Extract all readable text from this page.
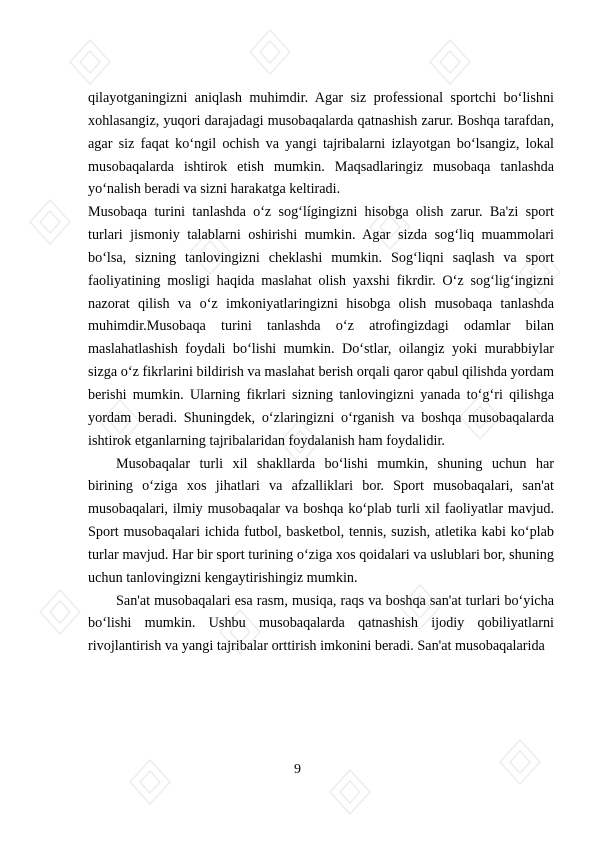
qilayotganingizni aniqlash muhimdir. Agar siz professional sportchi bo‘lishni xohlasangiz, yuqori darajadagi musobaqalarda qatnashish zarur. Boshqa tarafdan, agar siz faqat ko‘ngil ochish va yangi tajribalarni izlayotgan bo‘lsangiz, lokal musobaqalarda ishtirok etish mumkin. Maqsadlaringiz musobaqa tanlashda yo‘nalish beradi va sizni harakatga keltiradi.

Musobaqa turini tanlashda o‘z sog‘lígingizni hisobga olish zarur. Ba'zi sport turlari jismoniy talablarni oshirishi mumkin. Agar sizda sog‘liq muammolari bo‘lsa, sizning tanlovingizni cheklashi mumkin. Sog‘liqni saqlash va sport faoliyatining mosligi haqida maslahat olish yaxshi fikrdir. O‘z sog‘lig‘ingizni nazorat qilish va o‘z imkoniyatlaringizni hisobga olish musobaqa tanlashda muhimdir.Musobaqa turini tanlashda o‘z atrofingizdagi odamlar bilan maslahatlashish foydali bo‘lishi mumkin. Do‘stlar, oilangiz yoki murabbiylar sizga o‘z fikrlarini bildirish va maslahat berish orqali qaror qabul qilishda yordam berishi mumkin. Ularning fikrlari sizning tanlovingizni yanada to‘g‘ri qilishga yordam beradi. Shuningdek, o‘zlaringizni o‘rganish va boshqa musobaqalarda ishtirok etganlarning tajribalaridan foydalanish ham foydalidir.

Musobaqalar turli xil shakllarda bo‘lishi mumkin, shuning uchun har birining o‘ziga xos jihatlari va afzalliklari bor. Sport musobaqalari, san'at musobaqalari, ilmiy musobaqalar va boshqa ko‘plab turli xil faoliyatlar mavjud. Sport musobaqalari ichida futbol, basketbol, tennis, suzish, atletika kabi ko‘plab turlar mavjud. Har bir sport turining o‘ziga xos qoidalari va uslublari bor, shuning uchun tanlovingizni kengaytirishingiz mumkin.

San'at musobaqalari esa rasm, musiqa, raqs va boshqa san'at turlari bo‘yicha bo‘lishi mumkin. Ushbu musobaqalarda qatnashish ijodiy qobiliyatlarni rivojlantirish va yangi tajribalar orttirish imkonini beradi. San'at musobaqalarida

9
